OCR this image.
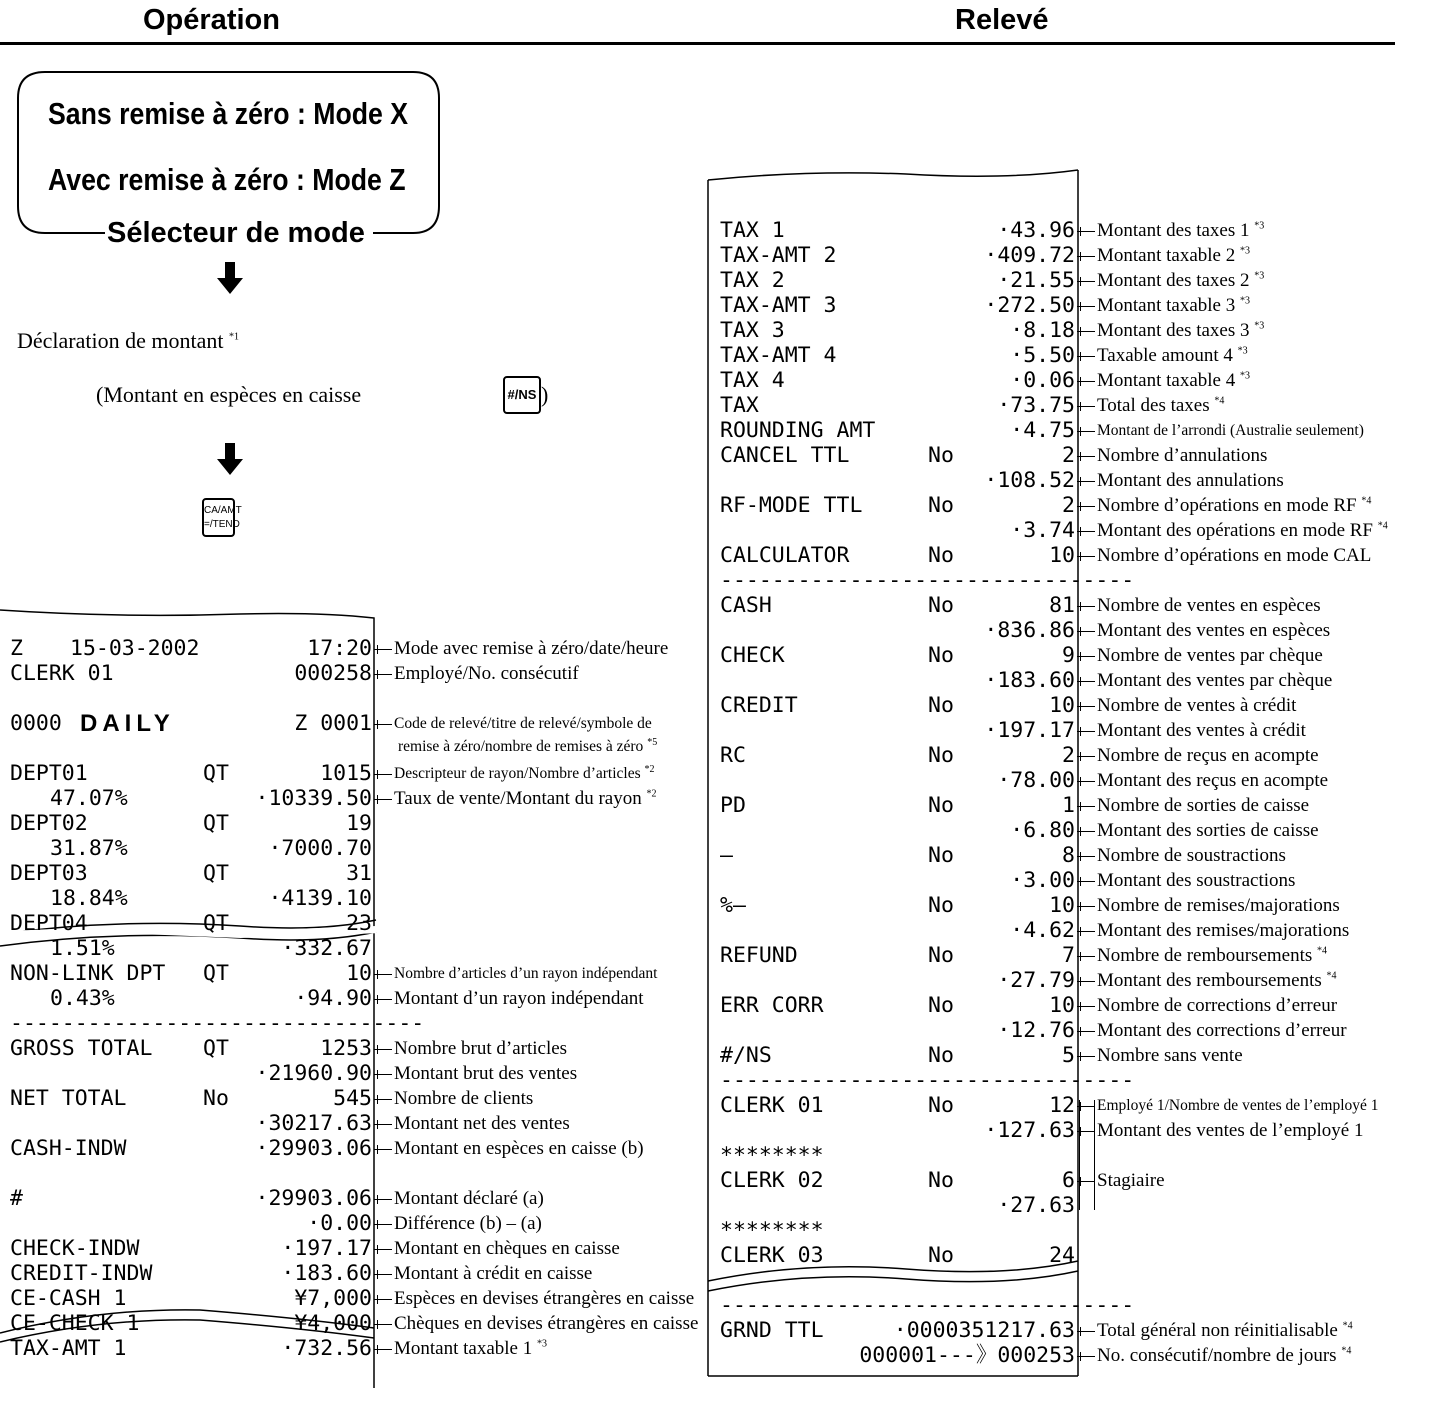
Opération	Relevé
Sans remise à zéro : Mode X
Avec remise à zéro : Mode Z
Sélecteur de mode
Déclaration de montant $^{*1}$
(Montant en espèces en caisse	#/NS )
CA/AMT
=/TEND
Z 15-03-2002	17:20 Mode avec remise à zéro/date/heure
CLERK 01	000258 Employé/No. consécutif
0000 DAILY	Z 0001 Code de relevé/titre de relevé/symbole de
remise à zéro/nombre de remises à zéro $^{*5}$
DEPT01	QT	1015 Descripteur de rayon/Nombre d’articles $^{*2}$
47.07%	·10339.50 Taux de vente/Montant du rayon $^{*2}$
DEPT02	QT	19
31.87%	·7000.70
DEPT03	QT	31
18.84%	·4139.10
DEPT04	QT	23
1.51%	·332.67
NON-LINK DPT QT	10 Nombre d’articles d’un rayon indépendant
0.43%	·94.90 Montant d’un rayon indépendant
GROSS TOTAL QT	1253 Nombre brut d’articles
·21960.90 Montant brut des ventes
NET TOTAL	No	545 Nombre de clients
·30217.63 Montant net des ventes
CASH-INDW	·29903.06 Montant en espèces en caisse (b)
#	·29903.06 Montant déclaré (a)
·0.00 Différence (b) – (a)
CHECK-INDW	·197.17 Montant en chèques en caisse
CREDIT-INDW	·183.60 Montant à crédit en caisse
CE-CASH 1	¥7,000 Espèces en devises étrangères en caisse
CE-CHECK 1	¥4,000 Chèques en devises étrangères en caisse
TAX-AMT 1	·732.56 Montant taxable 1 $^{*3}$
--------------------------------
TAX 1	·43.96 Montant des taxes 1 $^{*3}$
TAX-AMT 2	·409.72 Montant taxable 2 $^{*3}$
TAX 2	·21.55 Montant des taxes 2 $^{*3}$
TAX-AMT 3	·272.50 Montant taxable 3 $^{*3}$
TAX 3	·8.18 Montant des taxes 3 $^{*3}$
TAX-AMT 4	·5.50 Taxable amount 4 $^{*3}$
TAX 4	·0.06 Montant taxable 4 $^{*3}$
TAX	·73.75 Total des taxes $^{*4}$
ROUNDING AMT	·4.75 Montant de l’arrondi (Australie seulement)
CANCEL TTL	No	2 Nombre d’annulations
·108.52 Montant des annulations
RF-MODE TTL	No	2 Nombre d’opérations en mode RF $^{*4}$
·3.74 Montant des opérations en mode RF $^{*4}$
CALCULATOR	No	10 Nombre d’opérations en mode CAL
CASH	No	81 Nombre de ventes en espèces
·836.86 Montant des ventes en espèces
CHECK	No	9 Nombre de ventes par chèque
·183.60 Montant des ventes par chèque
CREDIT	No	10 Nombre de ventes à crédit
·197.17 Montant des ventes à crédit
RC	No	2 Nombre de reçus en acompte
·78.00 Montant des reçus en acompte
PD	No	1 Nombre de sorties de caisse
·6.80 Montant des sorties de caisse
–	No	8 Nombre de soustractions
·3.00 Montant des soustractions
%–	No	10 Nombre de remises/majorations
·4.62 Montant des remises/majorations
REFUND	No	7 Nombre de remboursements $^{*4}$
·27.79 Montant des remboursements $^{*4}$
ERR CORR	No	10 Nombre de corrections d’erreur
·12.76 Montant des corrections d’erreur
#/NS	No	5 Nombre sans vente
CLERK 01	No	12 Employé 1/Nombre de ventes de l’employé 1
·127.63 Montant des ventes de l’employé 1
********
CLERK 02	No	6 Stagiaire
·27.63
********
CLERK 03	No	24
GRND TTL	·0000351217.63 Total général non réinitialisable $^{*4}$
000001---》000253 No. consécutif/nombre de jours $^{*4}$
--------------------------------
--------------------------------
--------------------------------
